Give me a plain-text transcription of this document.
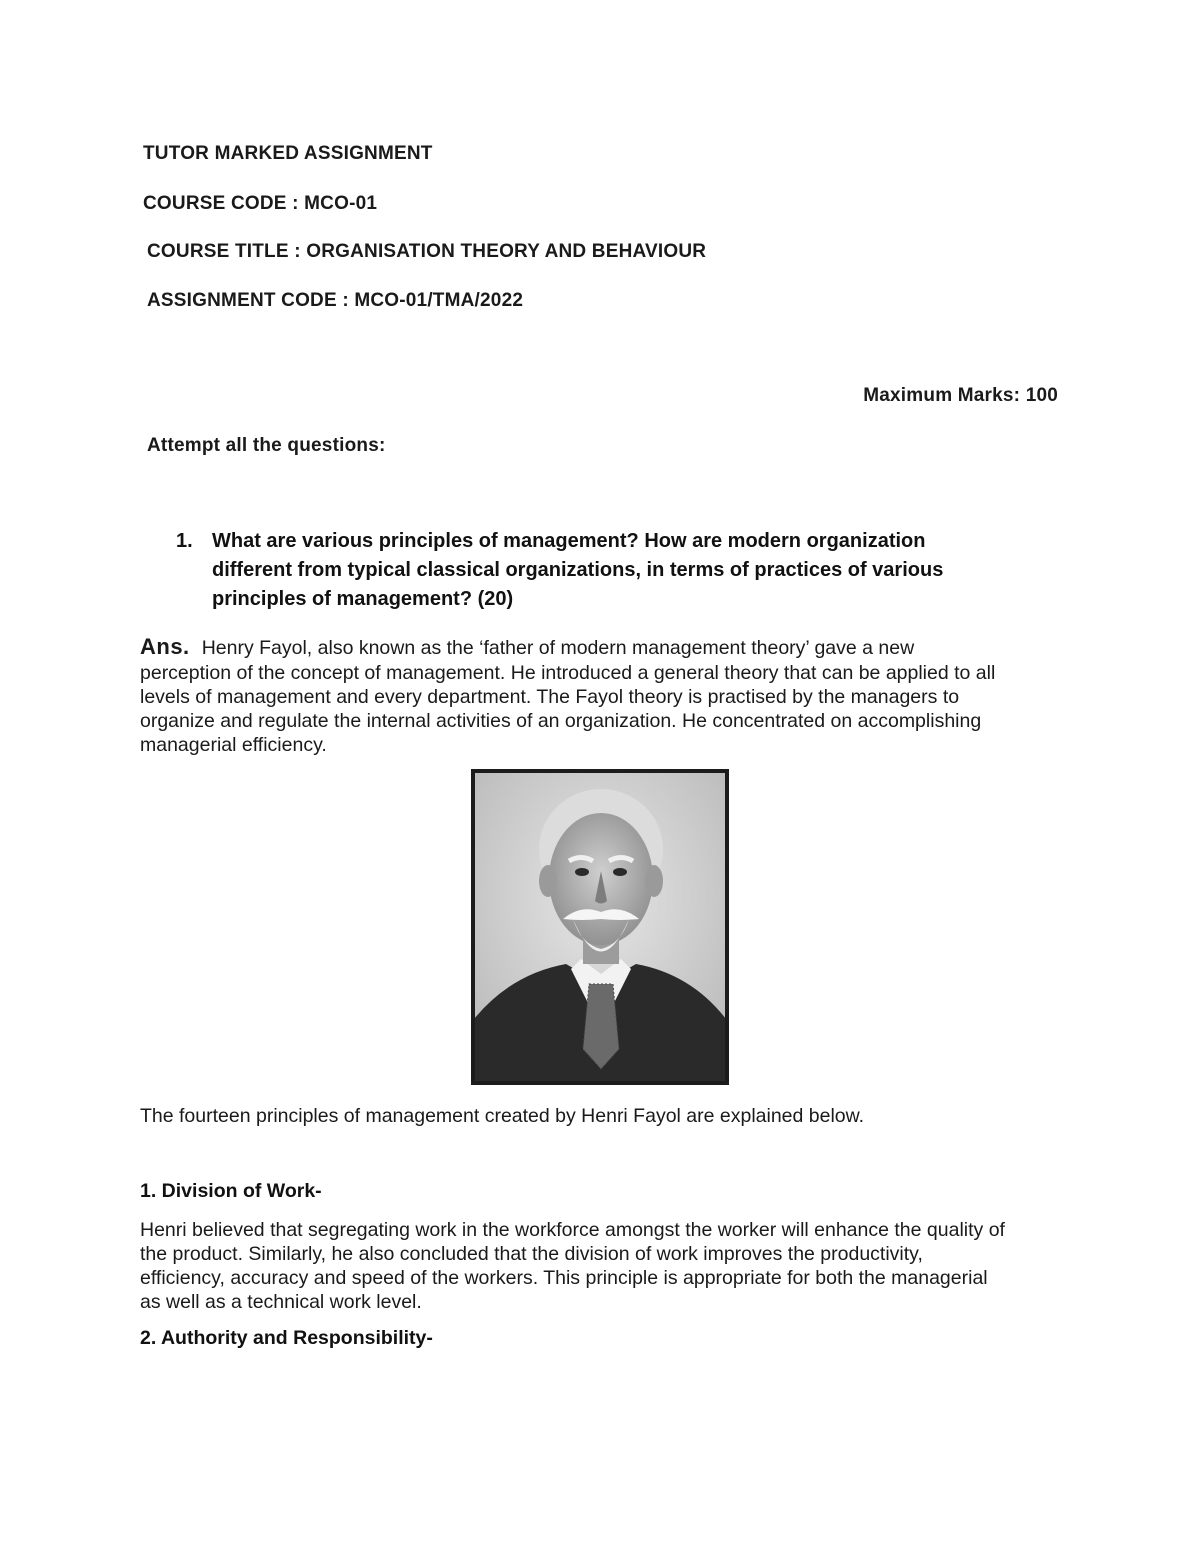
TUTOR MARKED ASSIGNMENT
COURSE CODE : MCO-01
COURSE TITLE : ORGANISATION THEORY AND BEHAVIOUR
ASSIGNMENT CODE : MCO-01/TMA/2022
Maximum Marks: 100
Attempt all the questions:
1. What are various principles of management? How are modern organization
different from typical classical organizations, in terms of practices of various
principles of management? (20)
Ans. Henry Fayol, also known as the ‘father of modern management theory’ gave a new
perception of the concept of management. He introduced a general theory that can be applied to all
levels of management and every department. The Fayol theory is practised by the managers to
organize and regulate the internal activities of an organization. He concentrated on accomplishing
managerial efficiency.
The fourteen principles of management created by Henri Fayol are explained below.
1. Division of Work-
Henri believed that segregating work in the workforce amongst the worker will enhance the quality of
the product. Similarly, he also concluded that the division of work improves the productivity,
efficiency, accuracy and speed of the workers. This principle is appropriate for both the managerial
as well as a technical work level.
2. Authority and Responsibility-
